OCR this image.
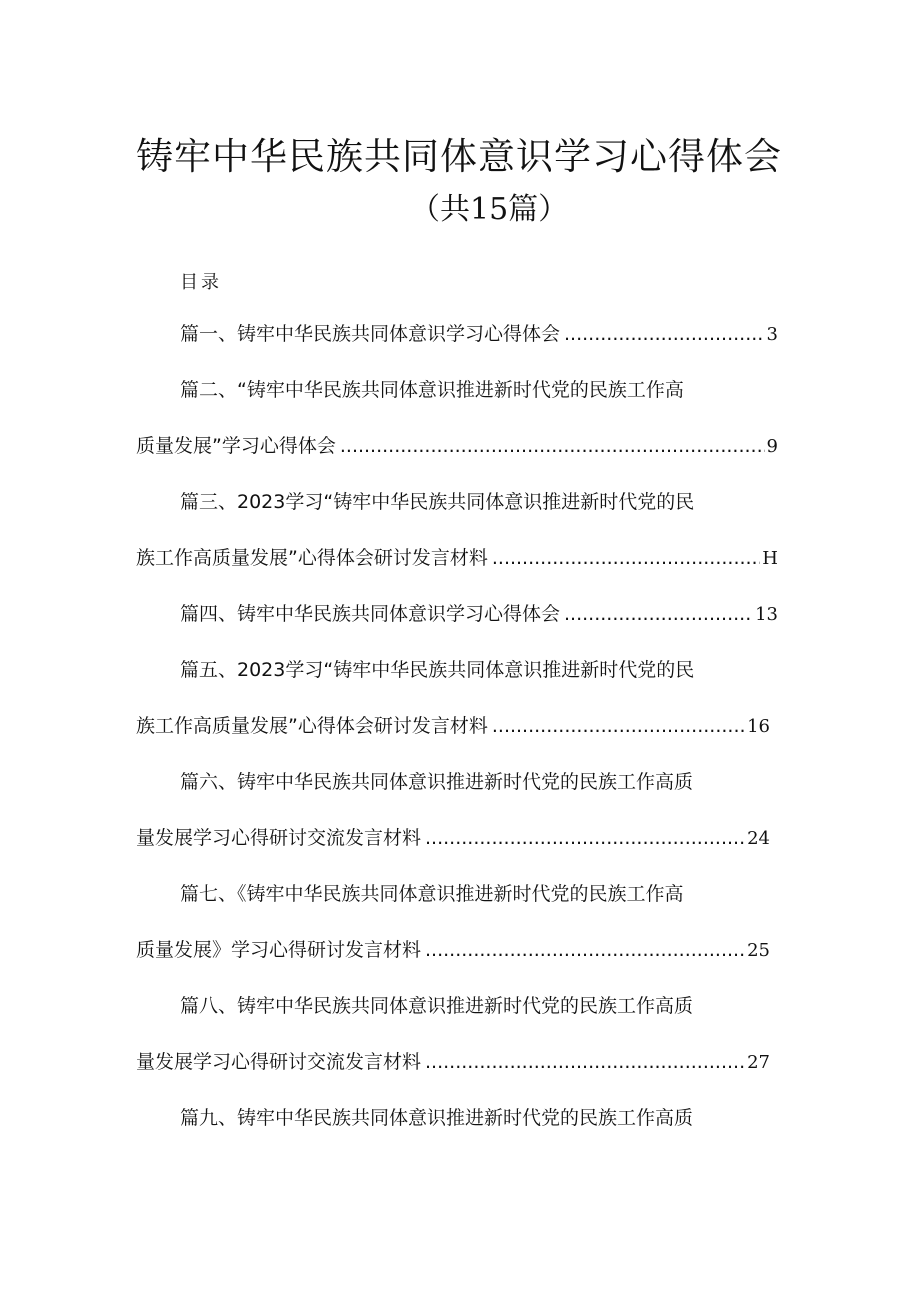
铸牢中华民族共同体意识学习心得体会
（共15篇）
目录
篇一、铸牢中华民族共同体意识学习心得体会 .....	3
篇二、“铸牢中华民族共同体意识推进新时代党的民族工作高
质量发展”学习心得体会 .....	9
篇三、2023学习“铸牢中华民族共同体意识推进新时代党的民
族工作高质量发展”心得体会研讨发言材料 .....	H
篇四、铸牢中华民族共同体意识学习心得体会 .....	13
篇五、2023学习“铸牢中华民族共同体意识推进新时代党的民
族工作高质量发展”心得体会研讨发言材料 .....	16
篇六、铸牢中华民族共同体意识推进新时代党的民族工作高质
量发展学习心得研讨交流发言材料 .....	24
篇七、《铸牢中华民族共同体意识推进新时代党的民族工作高
质量发展》学习心得研讨发言材料 .....	25
篇八、铸牢中华民族共同体意识推进新时代党的民族工作高质
量发展学习心得研讨交流发言材料 .....	27
篇九、铸牢中华民族共同体意识推进新时代党的民族工作高质
